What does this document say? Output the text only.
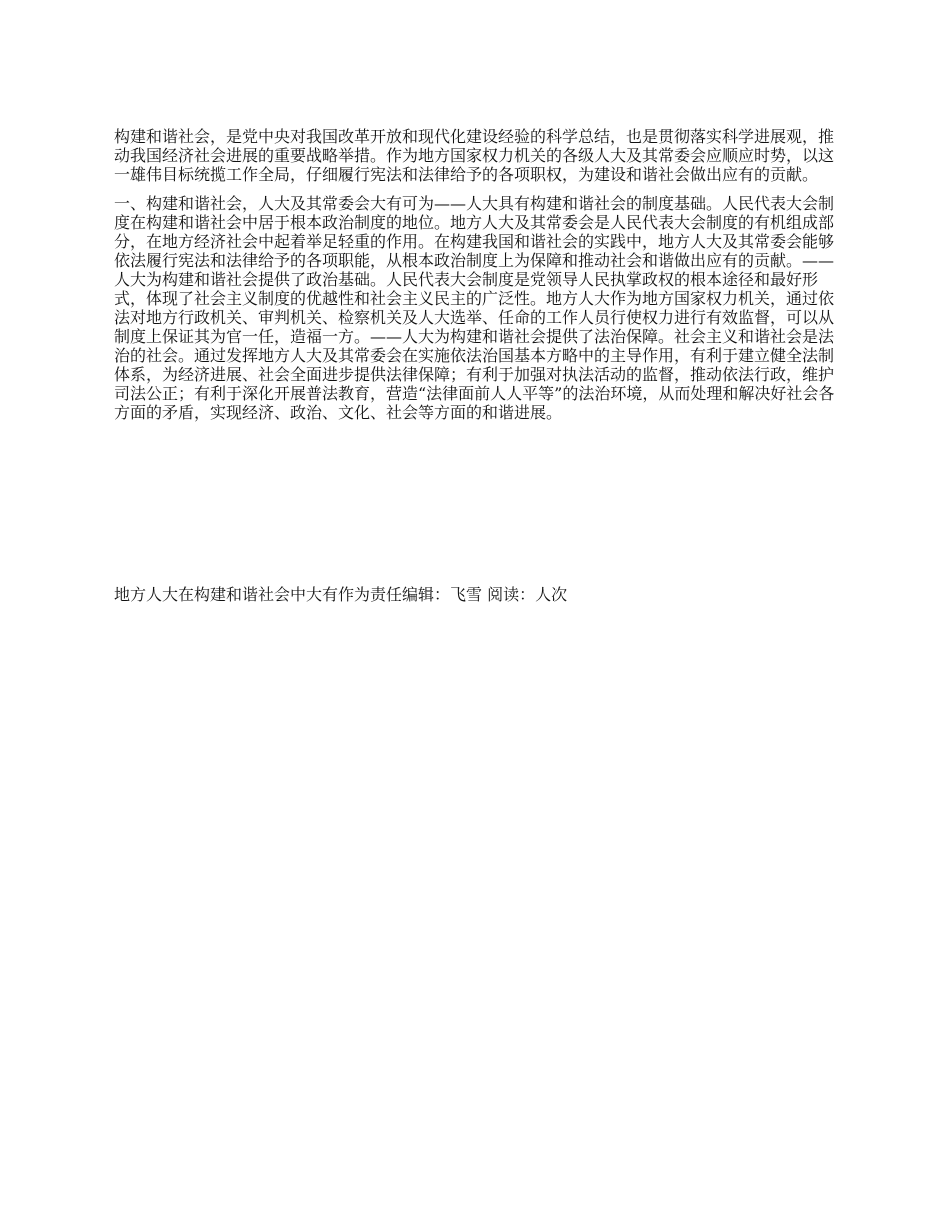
构建和谐社会，是党中央对我国改革开放和现代化建设经验的科学总结，也是贯彻落实科学进展观，推动我国经济社会进展的重要战略举措。作为地方国家权力机关的各级人大及其常委会应顺应时势，以这一雄伟目标统揽工作全局，仔细履行宪法和法律给予的各项职权，为建设和谐社会做出应有的贡献。

一、构建和谐社会，人大及其常委会大有可为——人大具有构建和谐社会的制度基础。人民代表大会制度在构建和谐社会中居于根本政治制度的地位。地方人大及其常委会是人民代表大会制度的有机组成部分，在地方经济社会中起着举足轻重的作用。在构建我国和谐社会的实践中，地方人大及其常委会能够依法履行宪法和法律给予的各项职能，从根本政治制度上为保障和推动社会和谐做出应有的贡献。——人大为构建和谐社会提供了政治基础。人民代表大会制度是党领导人民执掌政权的根本途径和最好形式，体现了社会主义制度的优越性和社会主义民主的广泛性。地方人大作为地方国家权力机关，通过依法对地方行政机关、审判机关、检察机关及人大选举、任命的工作人员行使权力进行有效监督，可以从制度上保证其为官一任，造福一方。——人大为构建和谐社会提供了法治保障。社会主义和谐社会是法治的社会。通过发挥地方人大及其常委会在实施依法治国基本方略中的主导作用，有利于建立健全法制体系，为经济进展、社会全面进步提供法律保障；有利于加强对执法活动的监督，推动依法行政，维护司法公正；有利于深化开展普法教育，营造“法律面前人人平等”的法治环境，从而处理和解决好社会各方面的矛盾，实现经济、政治、文化、社会等方面的和谐进展。

地方人大在构建和谐社会中大有作为责任编辑：飞雪 阅读：人次
